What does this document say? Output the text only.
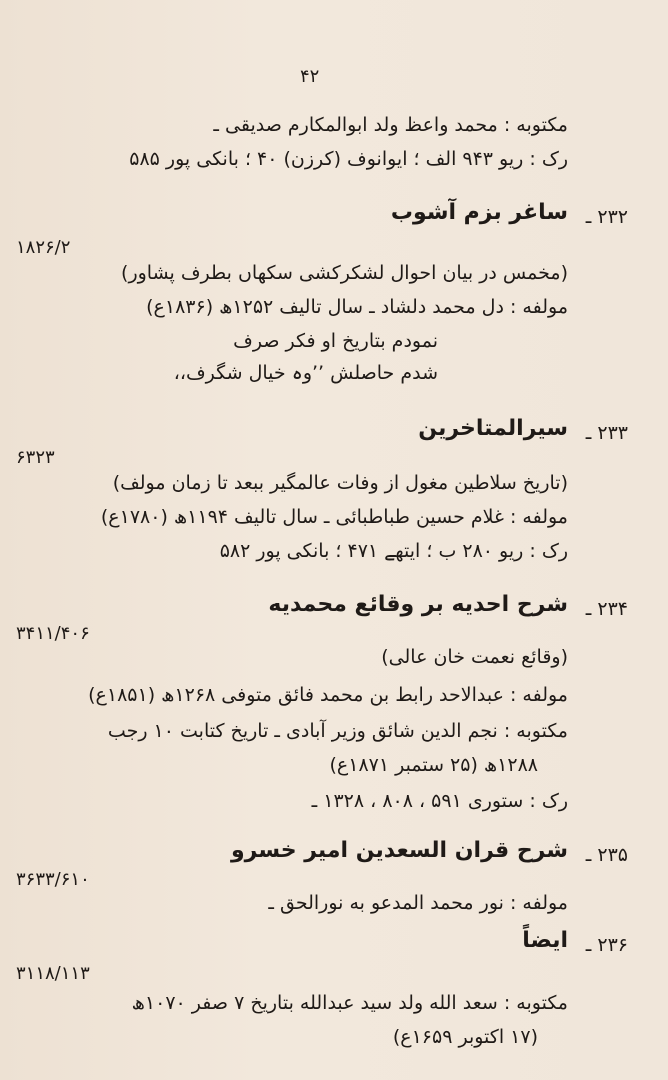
۴۲
مکتوبه : محمد واعظ ولد ابوالمکارم صدیقی ـ
رک : ریو ۹۴۳ الف ؛ ایوانوف (کرزن) ۴۰ ؛ بانکی پور ۵۸۵
۲۳۲ ـ
ساغر بزم آشوب
۱۸۲۶/۲
(مخمس در بیان احوال لشکرکشی سکھاں بطرف پشاور)
مولفه : دل محمد دلشاد ـ سال تالیف ۱۲۵۲ھ (۱۸۳۶ع)
نمودم بتاریخ او فکر صرف
شدم حاصلش ’’وہ خیال شگرف،،
۲۳۳ ـ
سیرالمتاخرین
۶۳۲۳
(تاریخ سلاطین مغول از وفات عالمگیر ببعد تا زمان مولف)
مولفه : غلام حسین طباطبائی ـ سال تالیف ۱۱۹۴ھ (۱۷۸۰ع)
رک : ریو ۲۸۰ ب ؛ ایتھے ۴۷۱ ؛ بانکی پور ۵۸۲
۲۳۴ ـ
شرح احدیه بر وقائع محمدیه
۳۴۱۱/۴۰۶
(وقائع نعمت خان عالی)
مولفه : عبدالاحد رابط بن محمد فائق متوفی ۱۲۶۸ھ (۱۸۵۱ع)
مکتوبه : نجم الدین شائق وزیر آبادی ـ تاریخ کتابت ۱۰ رجب
۱۲۸۸ھ (۲۵ ستمبر ۱۸۷۱ع)
رک : ستوری ۵۹۱ ، ۸۰۸ ، ۱۳۲۸ ـ
۲۳۵ ـ
شرح قران السعدین امیر خسرو
۳۶۳۳/۶۱۰
مولفه : نور محمد المدعو به نورالحق ـ
۲۳۶ ـ
ایضاً
۳۱۱۸/۱۱۳
مکتوبه : سعد الله ولد سید عبدالله بتاریخ ۷ صفر ۱۰۷۰ھ
(۱۷ اکتوبر ۱۶۵۹ع)
